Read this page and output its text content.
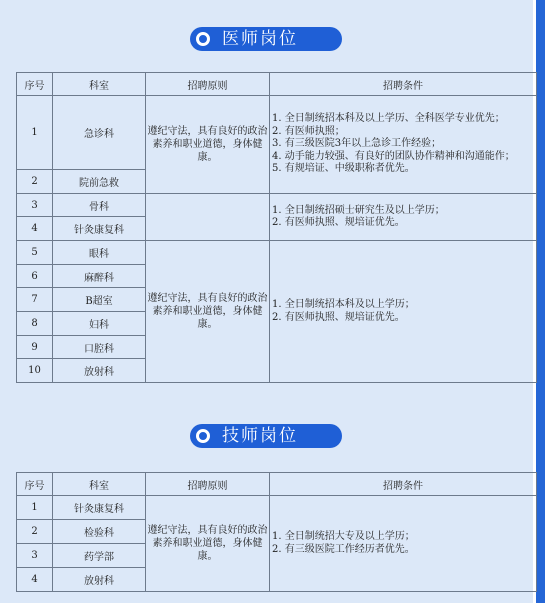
医师岗位
序号	科室	招聘原则	招聘条件
1	急诊科	遵纪守法，具有良好的政治素养和职业道德，身体健康。	1. 全日制统招本科及以上学历、全科医学专业优先；
2. 有医师执照；
3. 有三级医院3年以上急诊工作经验；
4. 动手能力较强、有良好的团队协作精神和沟通能作；
5. 有规培证、中级职称者优先。

2	院前急救		
3	骨科		1. 全日制统招硕士研究生及以上学历；
2. 有医师执照、规培证优先。

4	针灸康复科		
5	眼科	遵纪守法，具有良好的政治素养和职业道德，身体健康。	1. 全日制统招本科及以上学历；
2. 有医师执照、规培证优先。

6	麻醉科		
7	B超室		
8	妇科		
9	口腔科		
10	放射科		
技师岗位
序号	科室	招聘原则	招聘条件
1	针灸康复科	遵纪守法，具有良好的政治素养和职业道德，身体健康。	1. 全日制统招大专及以上学历；
2. 有三级医院工作经历者优先。

2	检验科		
3	药学部		
4	放射科		
